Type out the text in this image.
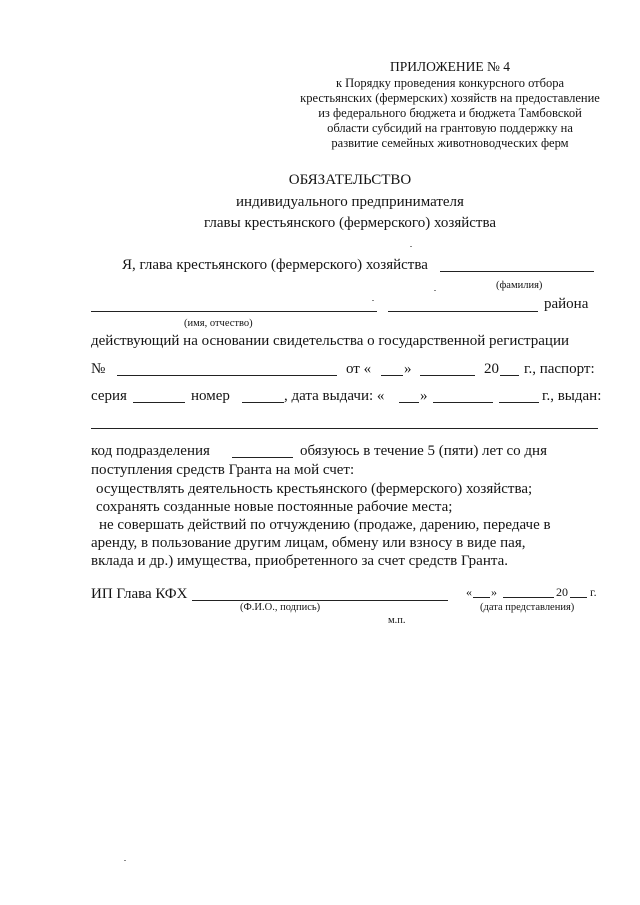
ПРИЛОЖЕНИЕ № 4

к Порядку проведения конкурсного отбора

крестьянских (фермерских) хозяйств на предоставление

из федерального бюджета и бюджета Тамбовской

области субсидий на грантовую поддержку на

развитие семейных животноводческих ферм

ОБЯЗАТЕЛЬСТВО

индивидуального предпринимателя

главы крестьянского (фермерского) хозяйства

Я, глава крестьянского (фермерского) хозяйства

(фамилия)

района

(имя, отчество)

действующий на основании свидетельства о государственной регистрации

№	от « »	20 г., паспорт:

серия	номер	, дата выдачи: « »	г., выдан:

код подразделения	обязуюсь в течение 5 (пяти) лет со дня

поступления средств Гранта на мой счет:

осуществлять деятельность крестьянского (фермерского) хозяйства;

сохранять созданные новые постоянные рабочие места;

не совершать действий по отчуждению (продаже, дарению, передаче в

аренду, в пользование другим лицам, обмену или взносу в виде пая,

вклада и др.) имущества, приобретенного за счет средств Гранта.

ИП Глава КФХ	« »	20 г.

(Ф.И.О., подпись)	(дата представления)

м.п.
